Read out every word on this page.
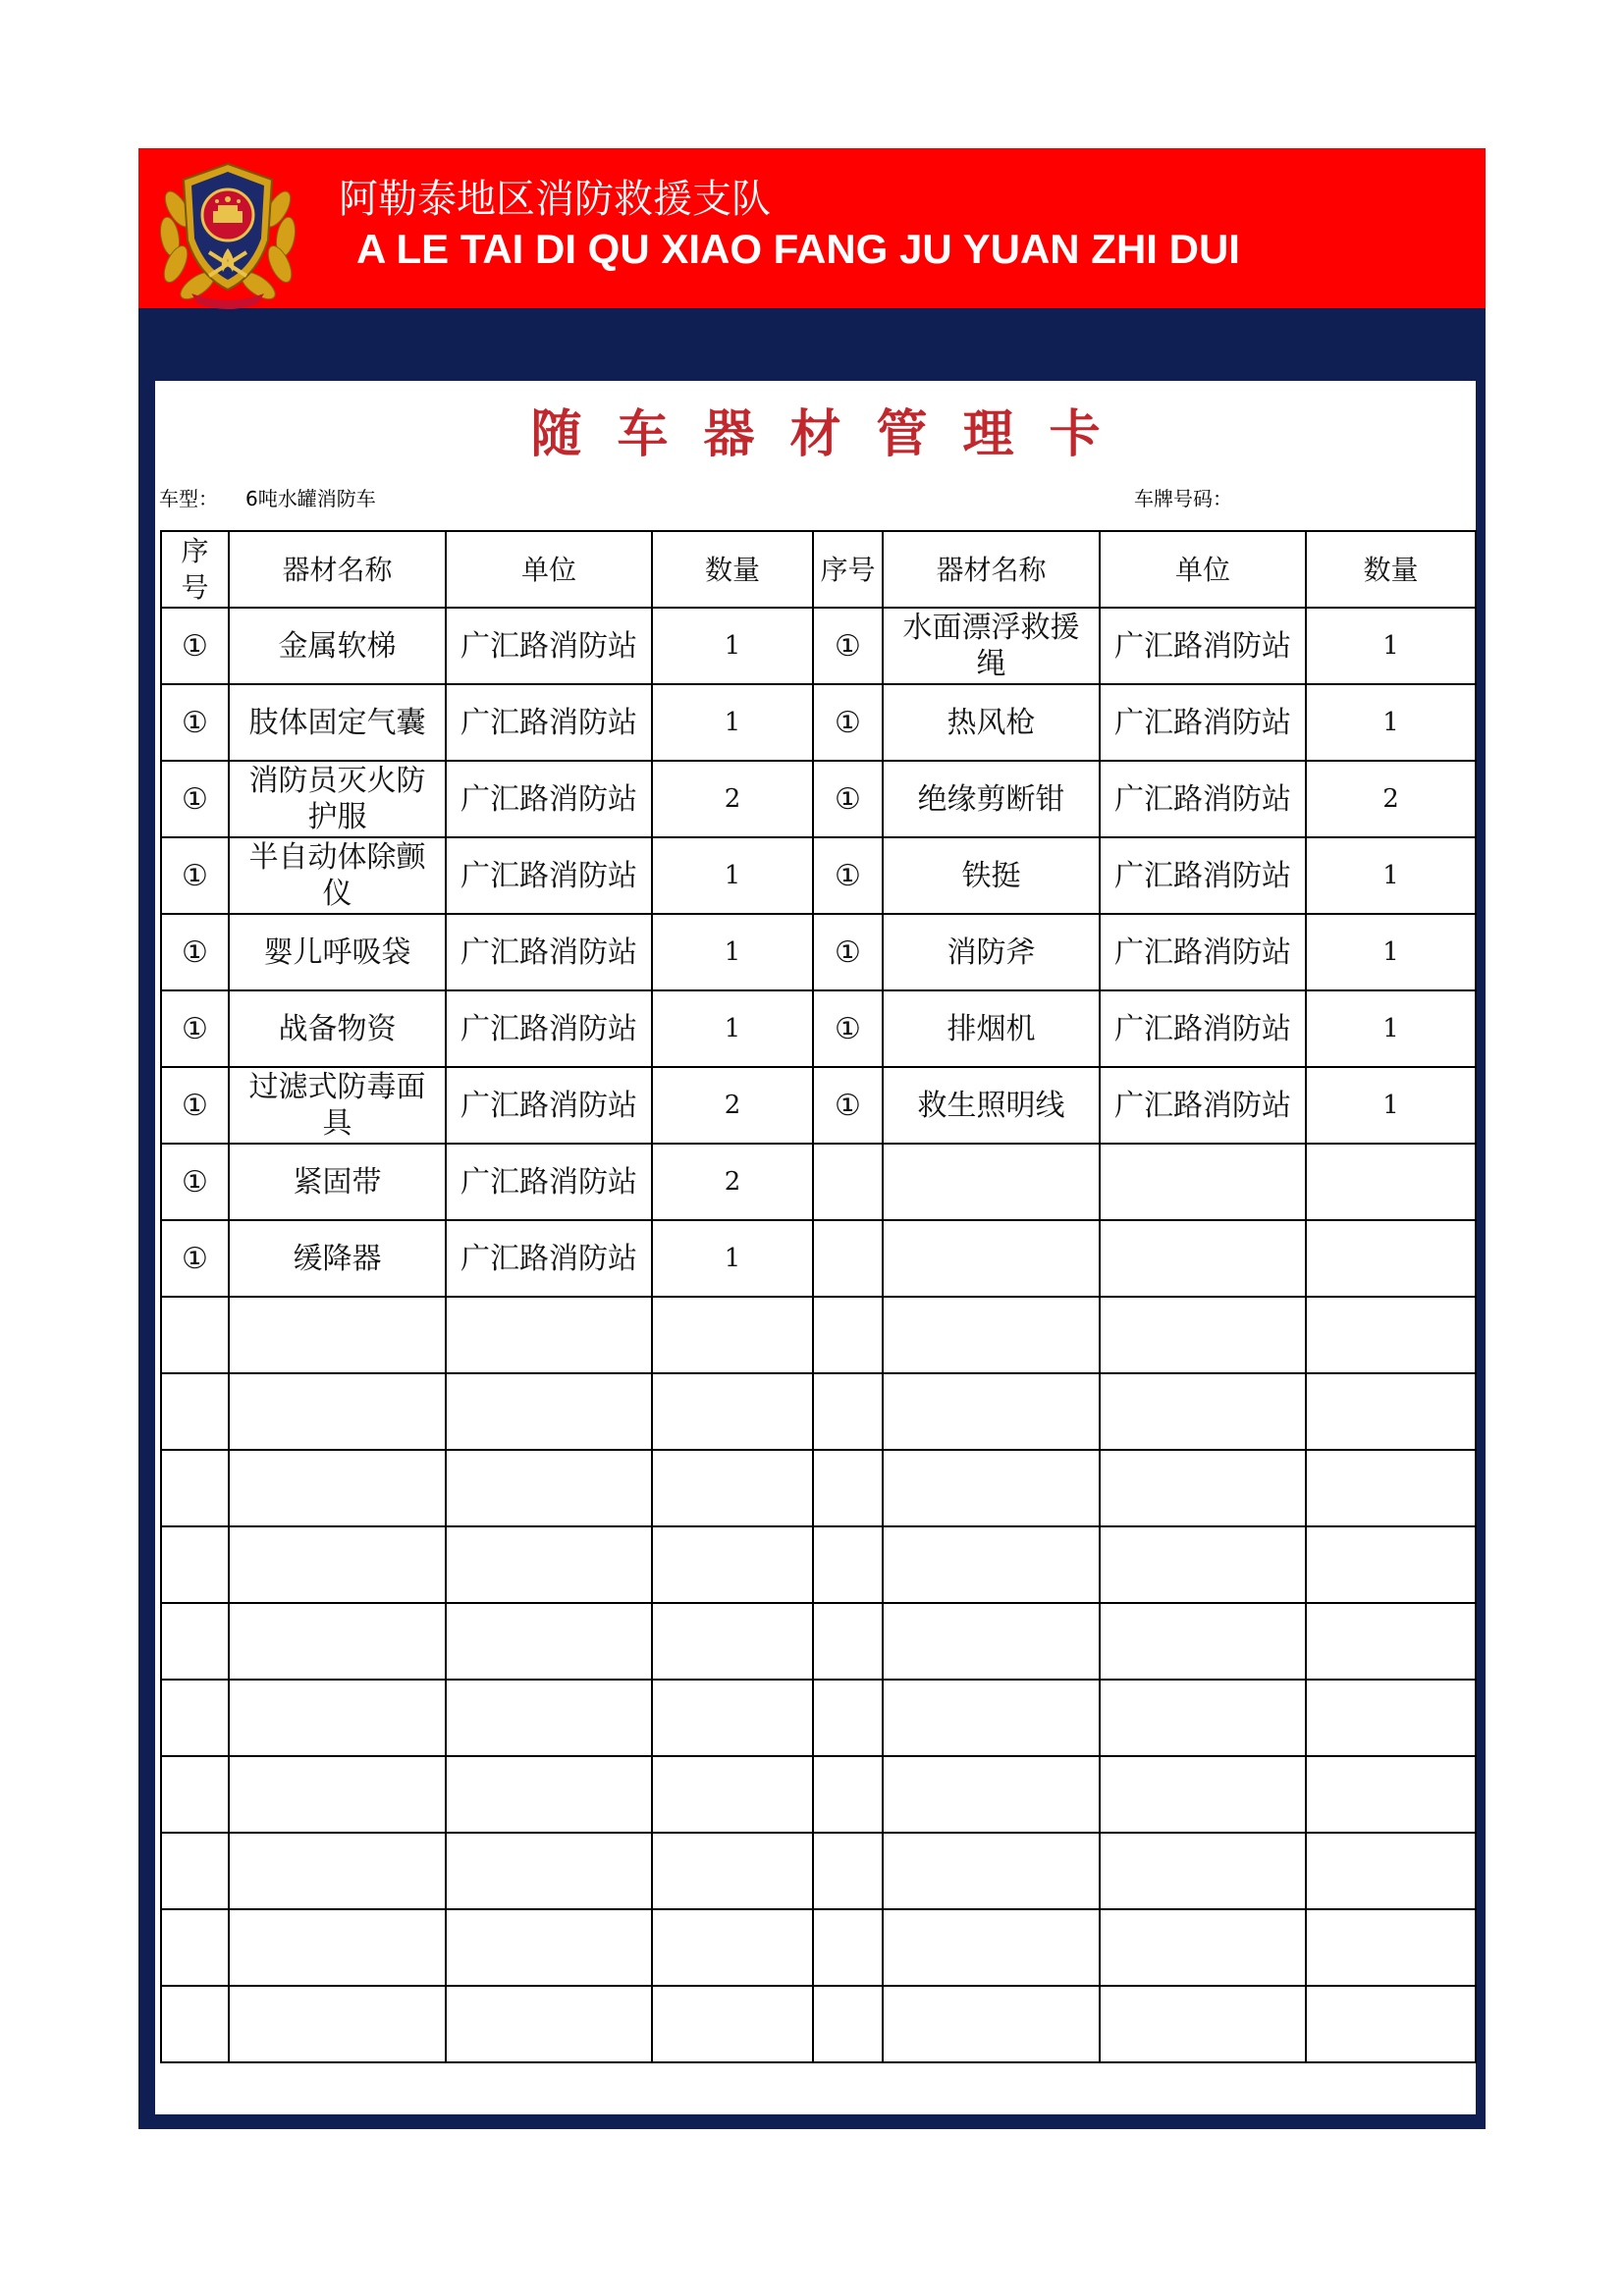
阿勒泰地区消防救援支队
A LE TAI DI QU XIAO FANG JU YUAN ZHI DUI
随车器材管理卡
车型： 6吨水罐消防车	车牌号码：
序号	器材名称	单位	数量	序号	器材名称	单位	数量
①	金属软梯	广汇路消防站	1	①	水面漂浮救援绳	广汇路消防站	1
①	肢体固定气囊	广汇路消防站	1	①	热风枪	广汇路消防站	1
①	消防员灭火防护服	广汇路消防站	2	①	绝缘剪断钳	广汇路消防站	2
①	半自动体除颤仪	广汇路消防站	1	①	铁挺	广汇路消防站	1
①	婴儿呼吸袋	广汇路消防站	1	①	消防斧	广汇路消防站	1
①	战备物资	广汇路消防站	1	①	排烟机	广汇路消防站	1
①	过滤式防毒面具	广汇路消防站	2	①	救生照明线	广汇路消防站	1
①	紧固带	广汇路消防站	2				
①	缓降器	广汇路消防站	1				
